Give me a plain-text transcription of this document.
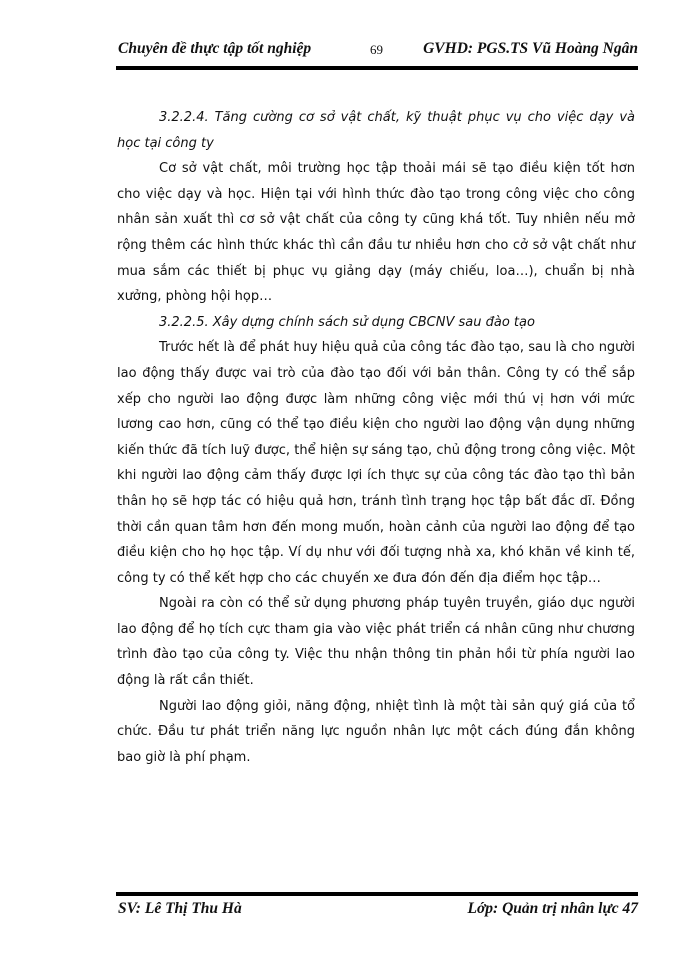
Chuyên đề thực tập tốt nghiệp	69	GVHD: PGS.TS Vũ Hoàng Ngân

3.2.2.4. Tăng cường cơ sở vật chất, kỹ thuật phục vụ cho việc dạy và học tại công ty

Cơ sở vật chất, môi trường học tập thoải mái sẽ tạo điều kiện tốt hơn cho việc dạy và học. Hiện tại với hình thức đào tạo trong công việc cho công nhân sản xuất thì cơ sở vật chất của công ty cũng khá tốt. Tuy nhiên nếu mở rộng thêm các hình thức khác thì cần đầu tư nhiều hơn cho cở sở vật chất như mua sắm các thiết bị phục vụ giảng dạy (máy chiếu, loa…), chuẩn bị nhà xưởng, phòng hội họp…

3.2.2.5. Xây dựng chính sách sử dụng CBCNV sau đào tạo

Trước hết là để phát huy hiệu quả của công tác đào tạo, sau là cho người lao động thấy được vai trò của đào tạo đối với bản thân. Công ty có thể sắp xếp cho người lao động được làm những công việc mới thú vị hơn với mức lương cao hơn, cũng có thể tạo điều kiện cho người lao động vận dụng những kiến thức đã tích luỹ được, thể hiện sự sáng tạo, chủ động trong công việc. Một khi người lao động cảm thấy được lợi ích thực sự của công tác đào tạo thì bản thân họ sẽ hợp tác có hiệu quả hơn, tránh tình trạng học tập bất đắc dĩ. Đồng thời cần quan tâm hơn đến mong muốn, hoàn cảnh của người lao động để tạo điều kiện cho họ học tập. Ví dụ như với đối tượng nhà xa, khó khăn về kinh tế, công ty có thể kết hợp cho các chuyến xe đưa đón đến địa điểm học tập…

Ngoài ra còn có thể sử dụng phương pháp tuyên truyền, giáo dục người lao động để họ tích cực tham gia vào việc phát triển cá nhân cũng như chương trình đào tạo của công ty. Việc thu nhận thông tin phản hồi từ phía người lao động là rất cần thiết.

Người lao động giỏi, năng động, nhiệt tình là một tài sản quý giá của tổ chức. Đầu tư phát triển năng lực nguồn nhân lực một cách đúng đắn không bao giờ là phí phạm.

SV: Lê Thị Thu Hà	Lớp: Quản trị nhân lực 47
